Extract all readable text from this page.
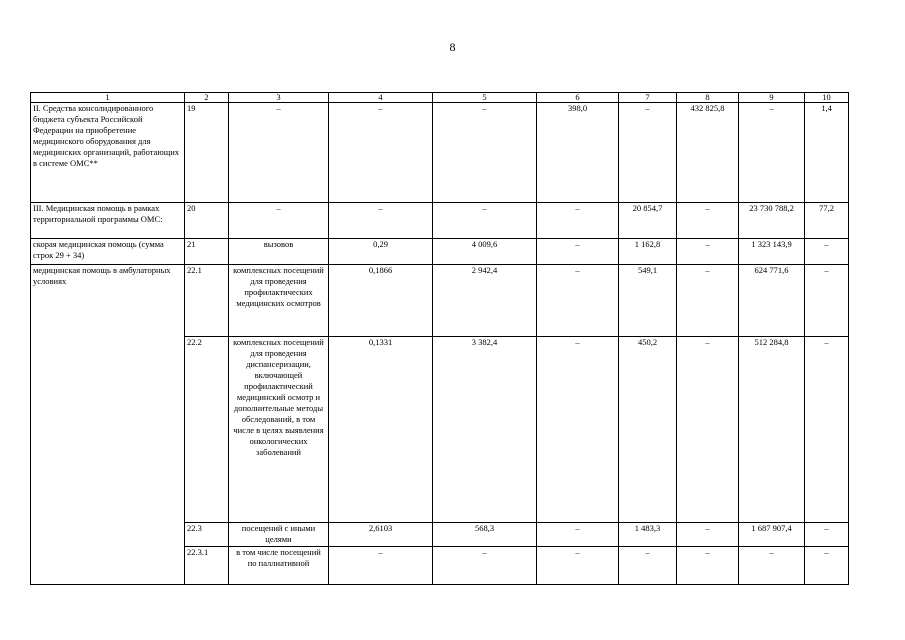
8
1	2	3	4	5	6	7	8	9	10
II. Средства консолидированного бюджета субъекта Российской Федерации на приобретение медицинского оборудования для медицинских организаций, работающих в системе ОМС**	19	–	–	–	398,0	–	432 825,8	–	1,4
III. Медицинская помощь в рамках территориальной программы ОМС:	20	–	–	–	–	20 854,7	–	23 730 788,2	77,2
скорая медицинская помощь (сумма строк 29 + 34)	21	вызовов	0,29	4 009,6	–	1 162,8	–	1 323 143,9	–
медицинская помощь в амбулаторных условиях	22.1	комплексных посещений для проведения профилактических медицинских осмотров	0,1866	2 942,4	–	549,1	–	624 771,6	–
	22.2	комплексных посещений для проведения диспансеризации, включающей профилактический медицинский осмотр и дополнительные методы обследований, в том числе в целях выявления онкологических заболеваний	0,1331	3 382,4	–	450,2	–	512 284,8	–
	22.3	посещений с иными целями	2,6103	568,3	–	1 483,3	–	1 687 907,4	–
	22.3.1	в том числе посещений по паллиативной	–	–	–	–	–	–	–
